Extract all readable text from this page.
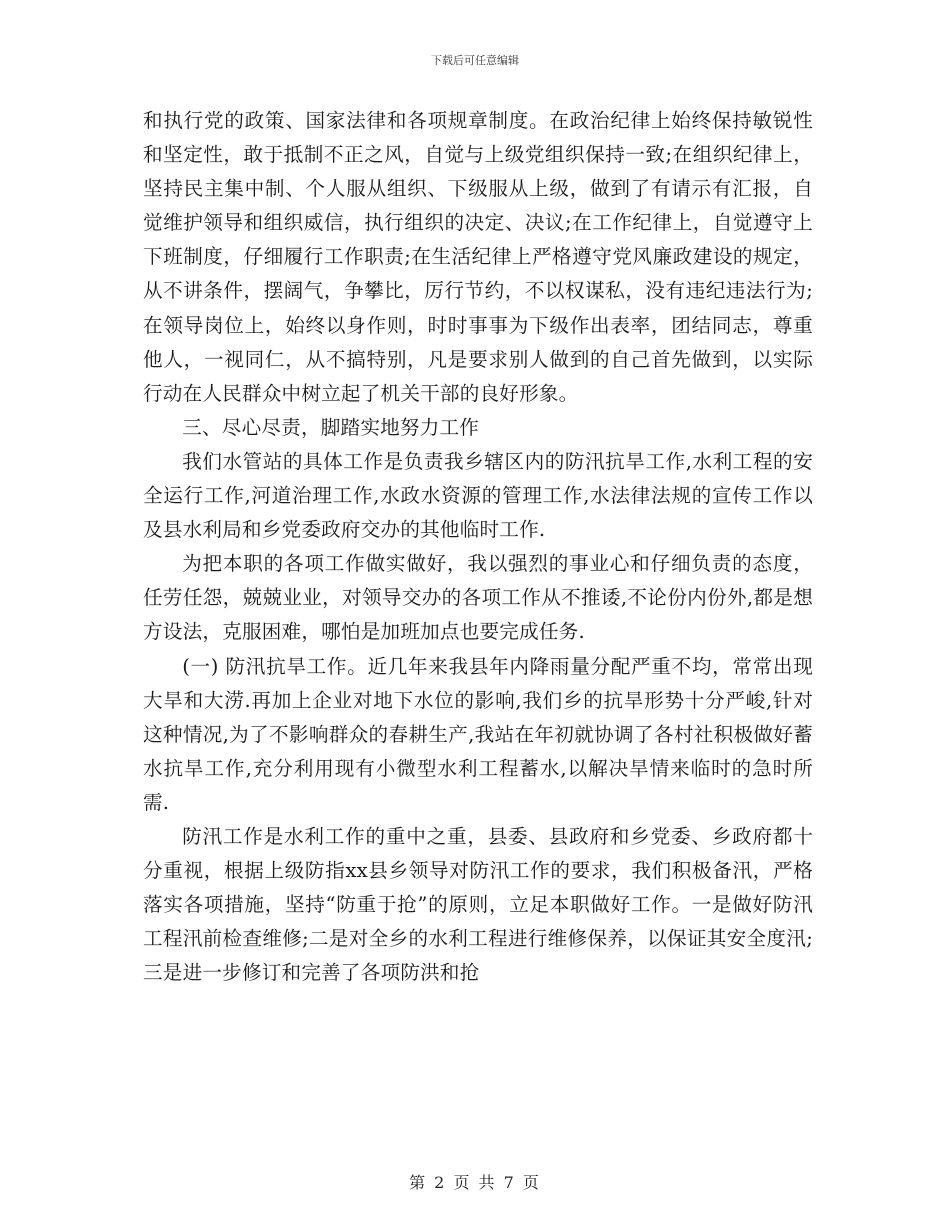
下载后可任意编辑

和执行党的政策、国家法律和各项规章制度。在政治纪律上始终保持敏锐性和坚定性，敢于抵制不正之风，自觉与上级党组织保持一致;在组织纪律上，坚持民主集中制、个人服从组织、下级服从上级，做到了有请示有汇报，自觉维护领导和组织威信，执行组织的决定、决议;在工作纪律上，自觉遵守上下班制度，仔细履行工作职责;在生活纪律上严格遵守党风廉政建设的规定，从不讲条件，摆阔气，争攀比，厉行节约，不以权谋私，没有违纪违法行为;在领导岗位上，始终以身作则，时时事事为下级作出表率，团结同志，尊重他人，一视同仁，从不搞特别，凡是要求别人做到的自己首先做到，以实际行动在人民群众中树立起了机关干部的良好形象。

三、尽心尽责，脚踏实地努力工作

我们水管站的具体工作是负责我乡辖区内的防汛抗旱工作,水利工程的安全运行工作,河道治理工作,水政水资源的管理工作,水法律法规的宣传工作以及县水利局和乡党委政府交办的其他临时工作.

为把本职的各项工作做实做好，我以强烈的事业心和仔细负责的态度，任劳任怨，兢兢业业，对领导交办的各项工作从不推诿,不论份内份外,都是想方设法，克服困难，哪怕是加班加点也要完成任务.

(一) 防汛抗旱工作。近几年来我县年内降雨量分配严重不均，常常出现大旱和大涝.再加上企业对地下水位的影响,我们乡的抗旱形势十分严峻,针对这种情况,为了不影响群众的春耕生产,我站在年初就协调了各村社积极做好蓄水抗旱工作,充分利用现有小微型水利工程蓄水,以解决旱情来临时的急时所需.

防汛工作是水利工作的重中之重，县委、县政府和乡党委、乡政府都十分重视，根据上级防指xx县乡领导对防汛工作的要求，我们积极备汛，严格落实各项措施，坚持“防重于抢”的原则，立足本职做好工作。一是做好防汛工程汛前检查维修;二是对全乡的水利工程进行维修保养，以保证其安全度汛;三是进一步修订和完善了各项防洪和抢

第 2 页 共 7 页
